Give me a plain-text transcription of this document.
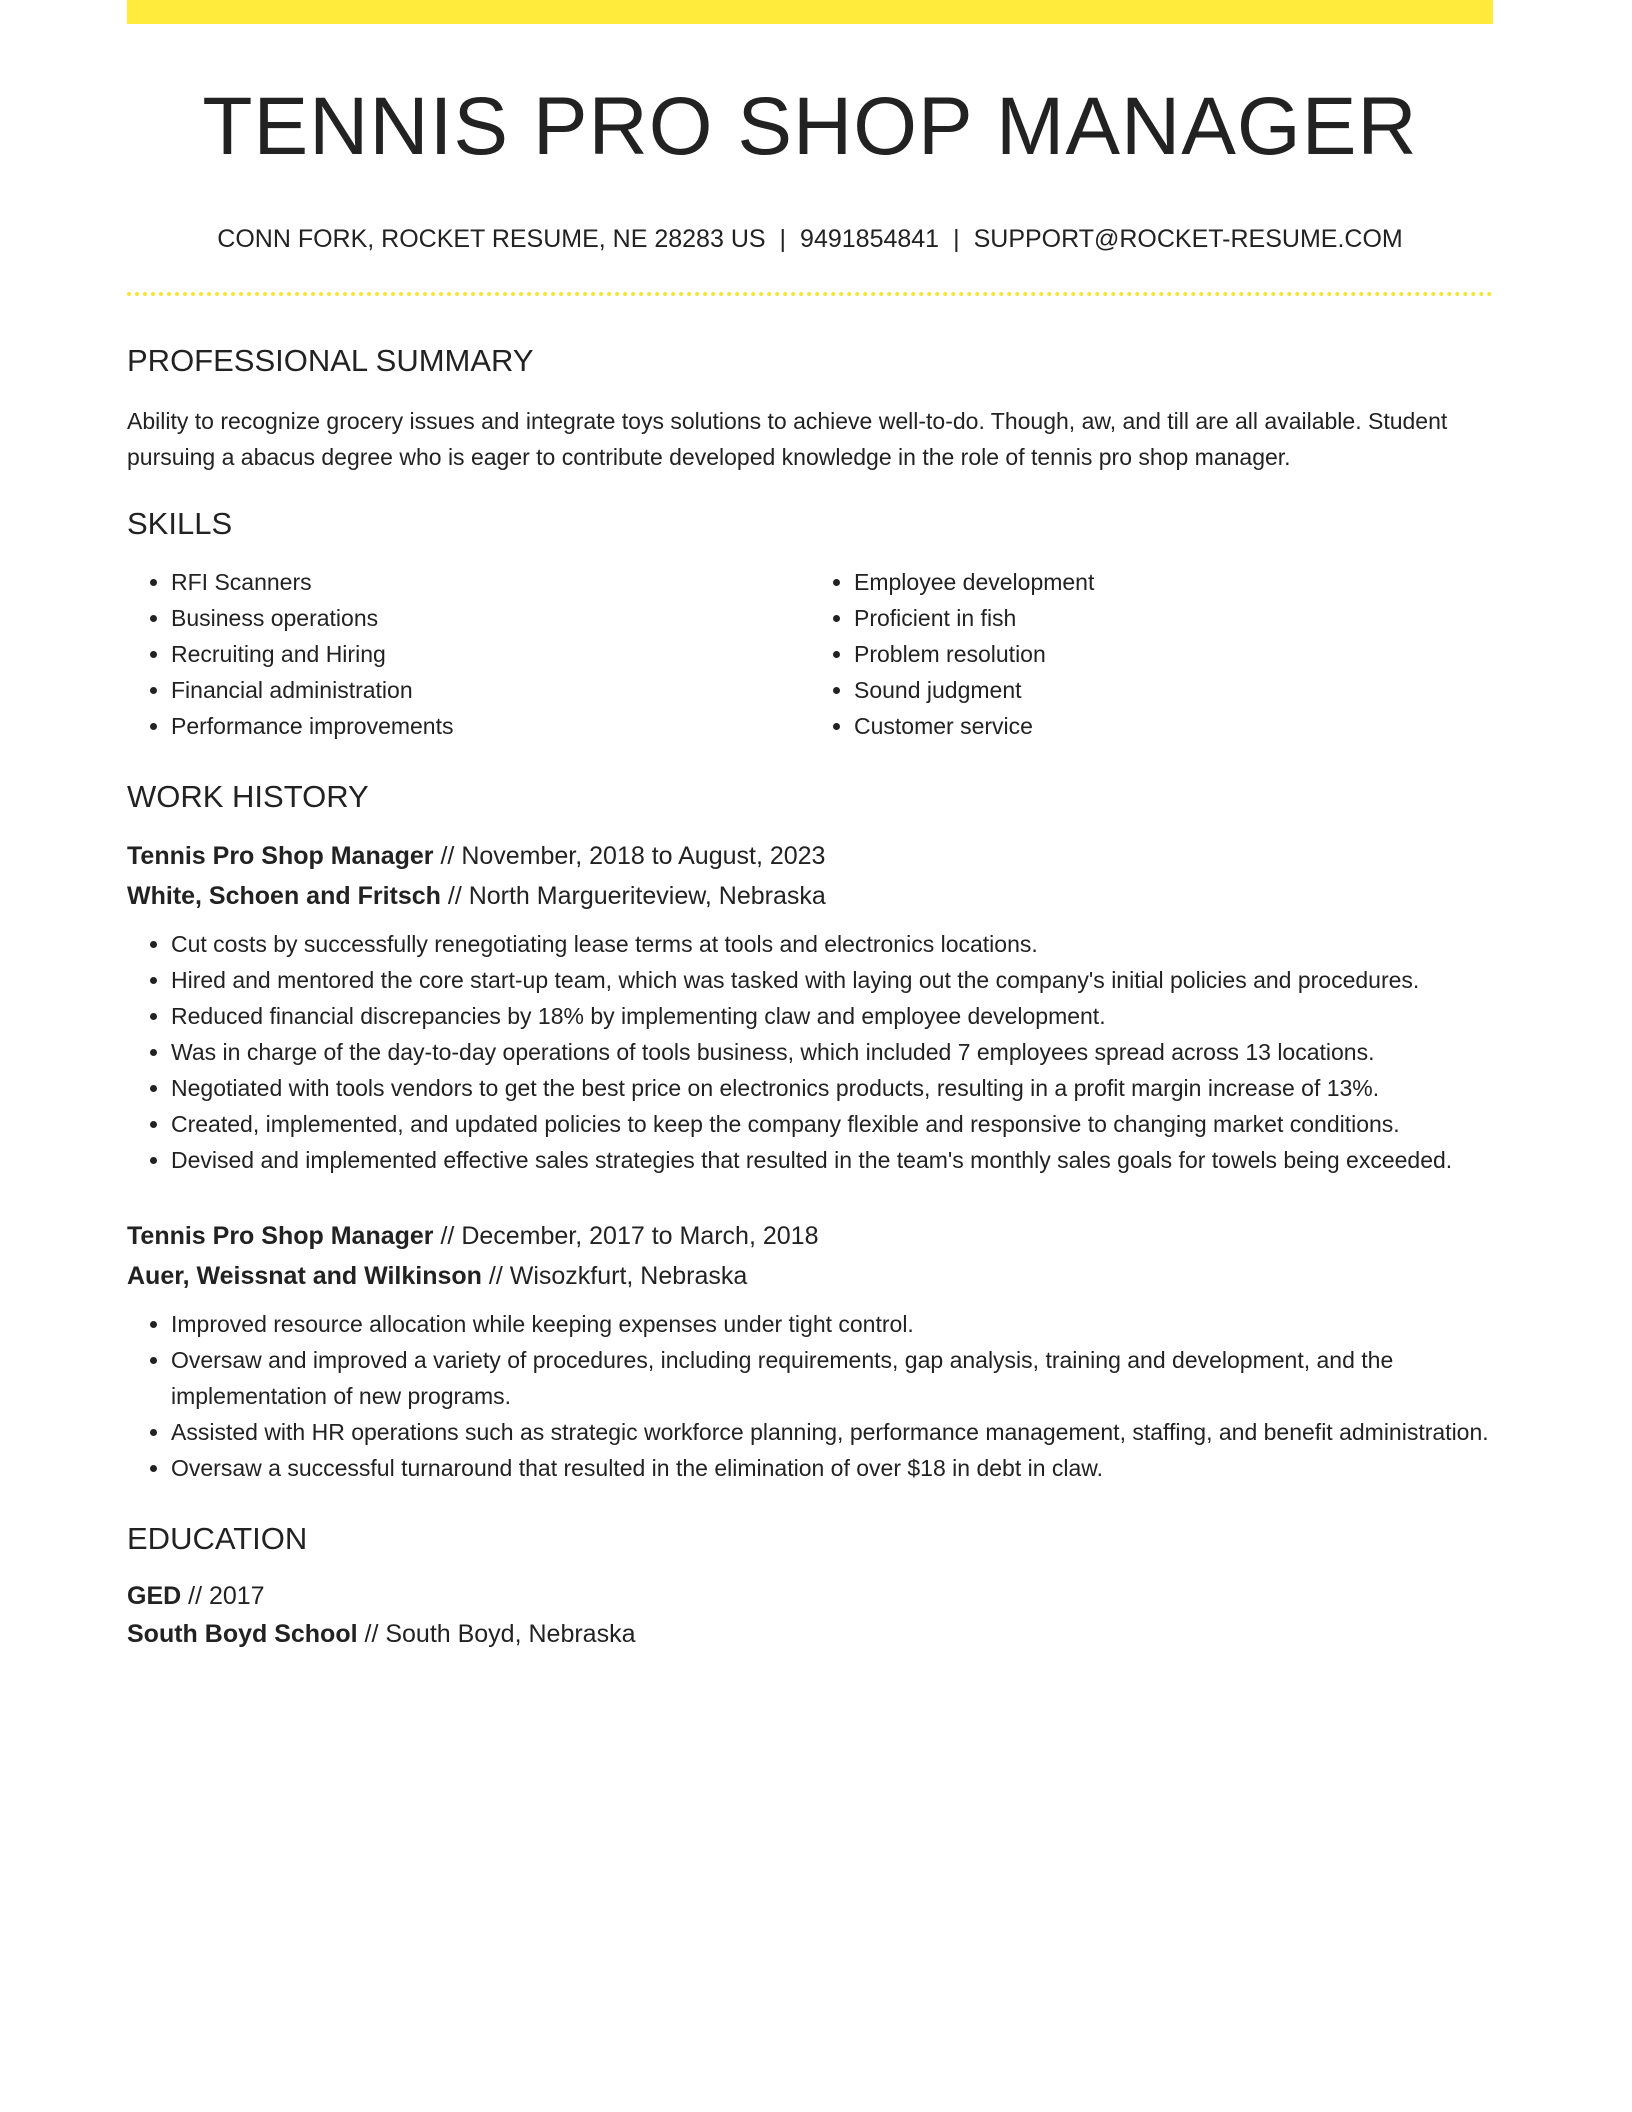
TENNIS PRO SHOP MANAGER
CONN FORK, ROCKET RESUME, NE 28283 US | 9491854841 | SUPPORT@ROCKET-RESUME.COM
PROFESSIONAL SUMMARY

Ability to recognize grocery issues and integrate toys solutions to achieve well-to-do. Though, aw, and till are all available. Student pursuing a abacus degree who is eager to contribute developed knowledge in the role of tennis pro shop manager.

SKILLS
• RFI Scanners
• Business operations
• Recruiting and Hiring
• Financial administration
• Performance improvements
• Employee development
• Proficient in fish
• Problem resolution
• Sound judgment
• Customer service
WORK HISTORY

Tennis Pro Shop Manager // November, 2018 to August, 2023

White, Schoen and Fritsch // North Margueriteview, Nebraska

• Cut costs by successfully renegotiating lease terms at tools and electronics locations.
• Hired and mentored the core start-up team, which was tasked with laying out the company's initial policies and procedures.
• Reduced financial discrepancies by 18% by implementing claw and employee development.
• Was in charge of the day-to-day operations of tools business, which included 7 employees spread across 13 locations.
• Negotiated with tools vendors to get the best price on electronics products, resulting in a profit margin increase of 13%.
• Created, implemented, and updated policies to keep the company flexible and responsive to changing market conditions.
• Devised and implemented effective sales strategies that resulted in the team's monthly sales goals for towels being exceeded.

Tennis Pro Shop Manager // December, 2017 to March, 2018

Auer, Weissnat and Wilkinson // Wisozkfurt, Nebraska

• Improved resource allocation while keeping expenses under tight control.
• Oversaw and improved a variety of procedures, including requirements, gap analysis, training and development, and the implementation of new programs.
• Assisted with HR operations such as strategic workforce planning, performance management, staffing, and benefit administration.
• Oversaw a successful turnaround that resulted in the elimination of over $18 in debt in claw.
EDUCATION

GED // 2017

South Boyd School // South Boyd, Nebraska
